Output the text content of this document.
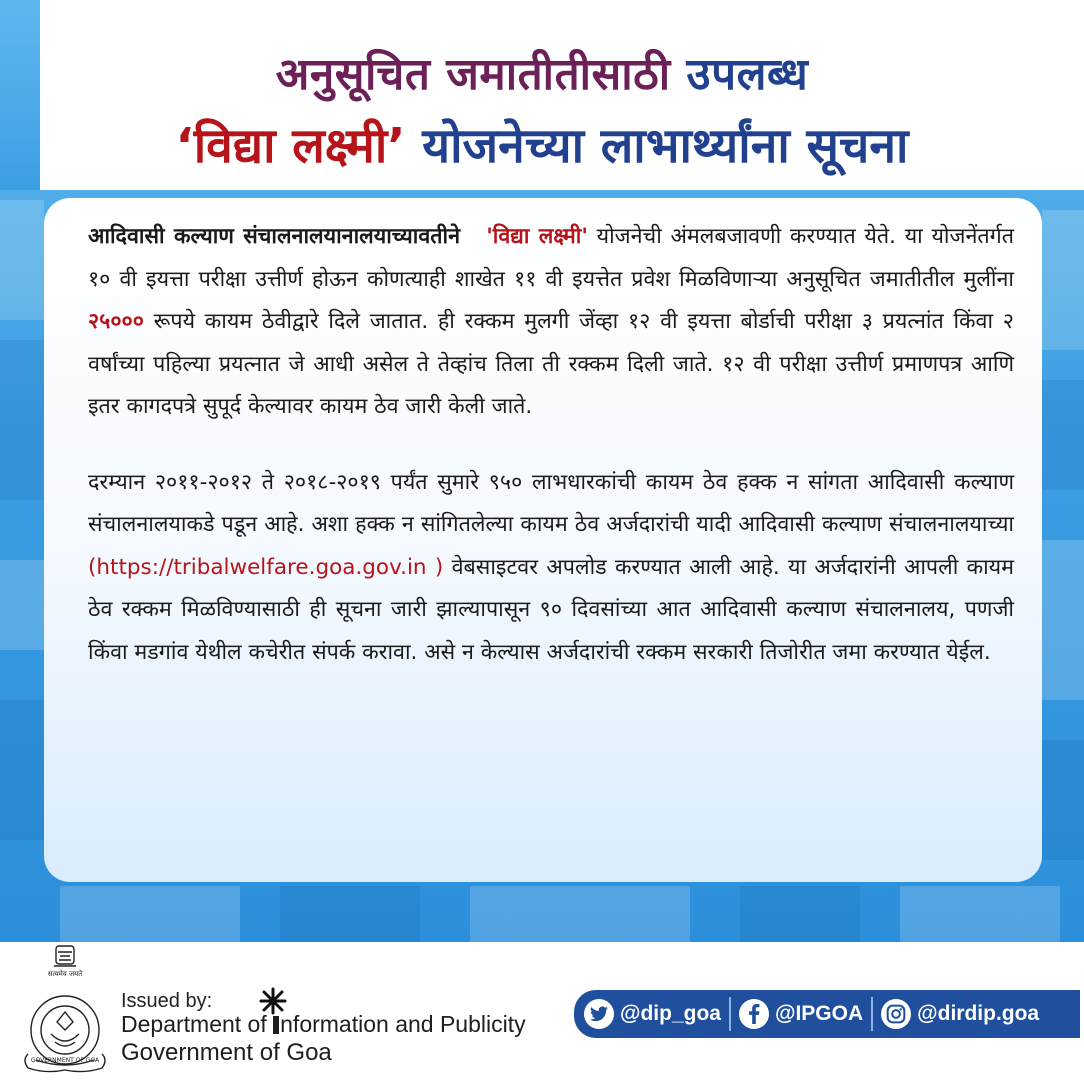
अनुसूचित जमातीतीसाठी उपलब्ध
‘विद्या लक्ष्मी’ योजनेच्या लाभार्थ्यांना सूचना

आदिवासी कल्याण संचालनालयानालयाच्यावतीने 'विद्या लक्ष्मी' योजनेची अंमलबजावणी करण्यात येते. या योजनेंतर्गत १० वी इयत्ता परीक्षा उत्तीर्ण होऊन कोणत्याही शाखेत ११ वी इयत्तेत प्रवेश मिळविणाऱ्या अनुसूचित जमातीतील मुलींना २५००० रूपये कायम ठेवीद्वारे दिले जातात. ही रक्कम मुलगी जेंव्हा १२ वी इयत्ता बोर्डाची परीक्षा ३ प्रयत्नांत किंवा २ वर्षांच्या पहिल्या प्रयत्नात जे आधी असेल ते तेव्हांच तिला ती रक्कम दिली जाते. १२ वी परीक्षा उत्तीर्ण प्रमाणपत्र आणि इतर कागदपत्रे सुपूर्द केल्यावर कायम ठेव जारी केली जाते.

दरम्यान २०११-२०१२ ते २०१८-२०१९ पर्यंत सुमारे ९५० लाभधारकांची कायम ठेव हक्क न सांगता आदिवासी कल्याण संचालनालयाकडे पडून आहे. अशा हक्क न सांगितलेल्या कायम ठेव अर्जदारांची यादी आदिवासी कल्याण संचालनालयाच्या (https://tribalwelfare.goa.gov.in ) वेबसाइटवर अपलोड करण्यात आली आहे. या अर्जदारांनी आपली कायम ठेव रक्कम मिळविण्यासाठी ही सूचना जारी झाल्यापासून ९० दिवसांच्या आत आदिवासी कल्याण संचालनालय, पणजी किंवा मडगांव येथील कचेरीत संपर्क करावा. असे न केल्यास अर्जदारांची रक्कम सरकारी तिजोरीत जमा करण्यात येईल.

सत्यमेव जयते
GOVERNMENT OF GOA
Issued by:
Department of nformation and Publicity
Government of Goa
@dip_goa	@IPGOA	@dirdip.goa
